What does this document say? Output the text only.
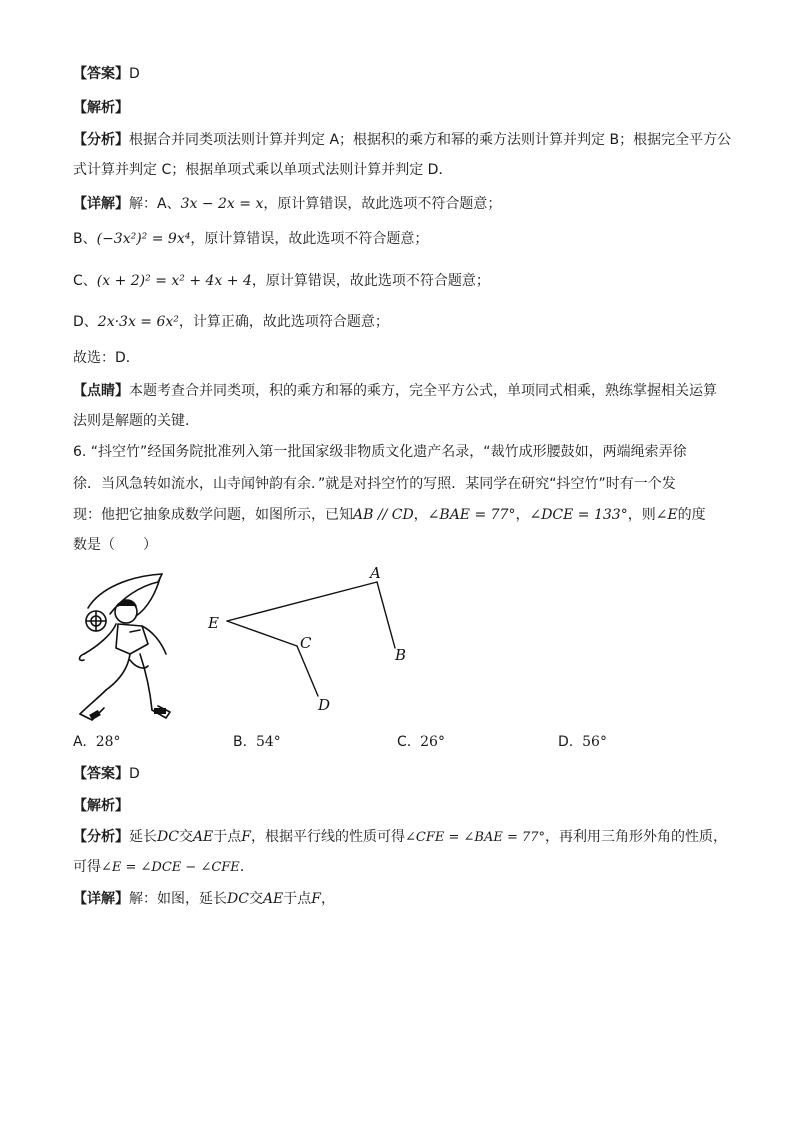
【答案】D
【解析】
【分析】根据合并同类项法则计算并判定 A；根据积的乘方和幂的乘方法则计算并判定 B；根据完全平方公
式计算并判定 C；根据单项式乘以单项式法则计算并判定 D．
【详解】解：A、3x − 2x = x，原计算错误，故此选项不符合题意；
B、(−3x²)² = 9x⁴，原计算错误，故此选项不符合题意；
C、(x + 2)² = x² + 4x + 4，原计算错误，故此选项不符合题意；
D、2x·3x = 6x²，计算正确，故此选项符合题意；
故选：D．
【点睛】本题考查合并同类项，积的乘方和幂的乘方，完全平方公式，单项同式相乘，熟练掌握相关运算
法则是解题的关键．
6. “抖空竹”经国务院批准列入第一批国家级非物质文化遗产名录，“裁竹成形腰鼓如，两端绳索弄徐
徐．当风急转如流水，山寺闻钟韵有余．”就是对抖空竹的写照．某同学在研究“抖空竹”时有一个发
现：他把它抽象成数学问题，如图所示，已知AB // CD，∠BAE = 77°，∠DCE = 133°，则∠E的度
数是（　　）
A
B
C
D
E
A. 28°	B. 54°	C. 26°	D. 56°
【答案】D
【解析】
【分析】延长DC交AE于点F，根据平行线的性质可得∠CFE = ∠BAE = 77°，再利用三角形外角的性质，
可得∠E = ∠DCE − ∠CFE．
【详解】解：如图，延长DC交AE于点F，
